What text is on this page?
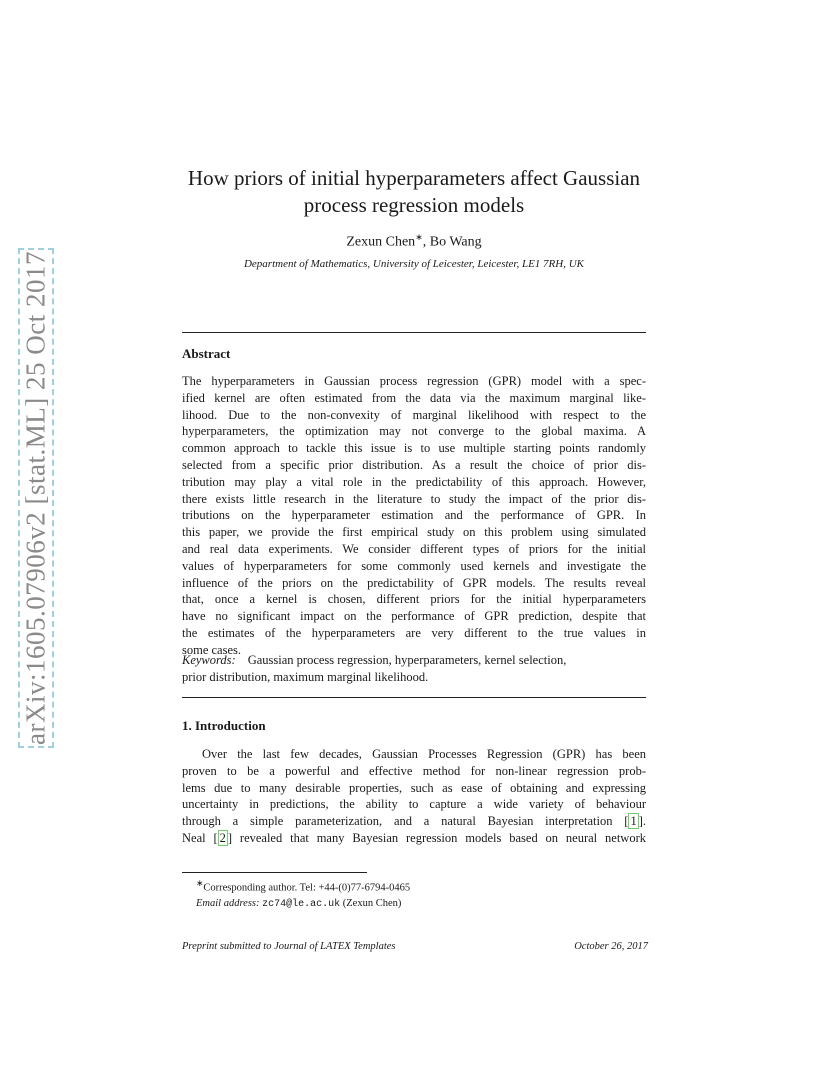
arXiv:1605.07906v2 [stat.ML] 25 Oct 2017
How priors of initial hyperparameters affect Gaussian
process regression models
Zexun Chen∗, Bo Wang
Department of Mathematics, University of Leicester, Leicester, LE1 7RH, UK
Abstract
The hyperparameters in Gaussian process regression (GPR) model with a spec-
ified kernel are often estimated from the data via the maximum marginal like-
lihood. Due to the non-convexity of marginal likelihood with respect to the
hyperparameters, the optimization may not converge to the global maxima. A
common approach to tackle this issue is to use multiple starting points randomly
selected from a specific prior distribution. As a result the choice of prior dis-
tribution may play a vital role in the predictability of this approach. However,
there exists little research in the literature to study the impact of the prior dis-
tributions on the hyperparameter estimation and the performance of GPR. In
this paper, we provide the first empirical study on this problem using simulated
and real data experiments. We consider different types of priors for the initial
values of hyperparameters for some commonly used kernels and investigate the
influence of the priors on the predictability of GPR models. The results reveal
that, once a kernel is chosen, different priors for the initial hyperparameters
have no significant impact on the performance of GPR prediction, despite that
the estimates of the hyperparameters are very different to the true values in
some cases.
Keywords: Gaussian process regression, hyperparameters, kernel selection,
prior distribution, maximum marginal likelihood.
1. Introduction
Over the last few decades, Gaussian Processes Regression (GPR) has been
proven to be a powerful and effective method for non-linear regression prob-
lems due to many desirable properties, such as ease of obtaining and expressing
uncertainty in predictions, the ability to capture a wide variety of behaviour
through a simple parameterization, and a natural Bayesian interpretation [ 1 ].
Neal [ 2 ] revealed that many Bayesian regression models based on neural network
∗Corresponding author. Tel: +44-(0)77-6794-0465
Email address: zc74@le.ac.uk (Zexun Chen)
Preprint submitted to Journal of LATEX Templates	October 26, 2017
